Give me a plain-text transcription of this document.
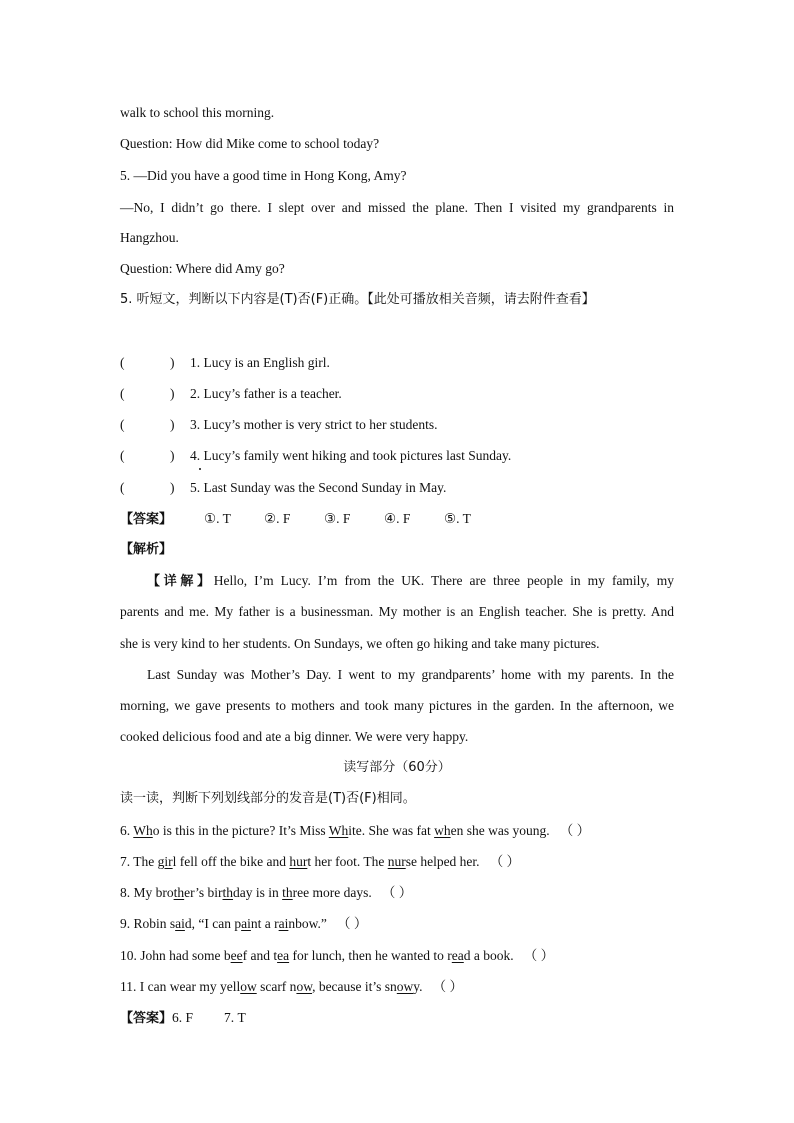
walk to school this morning.
Question: How did Mike come to school today?
5. —Did you have a good time in Hong Kong, Amy?
—No, I didn’t go there. I slept over and missed the plane. Then I visited my grandparents in
Hangzhou.
Question: Where did Amy go?
5. 听短文，判断以下内容是(T)否(F)正确。【此处可播放相关音频，请去附件查看】
(	) 1. Lucy is an English girl.
(	) 2. Lucy’s father is a teacher.
(	) 3. Lucy’s mother is very strict to her students.
(	) 4. Lucy’s family went hiking and took pictures last Sunday.
(	) 5. Last Sunday was the Second Sunday in May.
【答案】 ①. T ②. F ③. F ④. F ⑤. T
【解析】
【详解】Hello, I’m Lucy. I’m from the UK. There are three people in my family, my
parents and me. My father is a businessman. My mother is an English teacher. She is pretty. And
she is very kind to her students. On Sundays, we often go hiking and take many pictures.
Last Sunday was Mother’s Day. I went to my grandparents’ home with my parents. In the
morning, we gave presents to mothers and took many pictures in the garden. In the afternoon, we
cooked delicious food and ate a big dinner. We were very happy.
读写部分（60分）
读一读，判断下列划线部分的发音是(T)否(F)相同。
6. Who is this in the picture? It’s Miss White. She was fat when she was young. （ ）
7. The girl fell off the bike and hurt her foot. The nurse helped her. （ ）
8. My brother’s birthday is in three more days. （ ）
9. Robin said, “I can paint a rainbow.” （ ）
10. John had some beef and tea for lunch, then he wanted to read a book. （ ）
11. I can wear my yellow scarf now, because it’s snowy. （ ）
【答案】6. F 7. T
